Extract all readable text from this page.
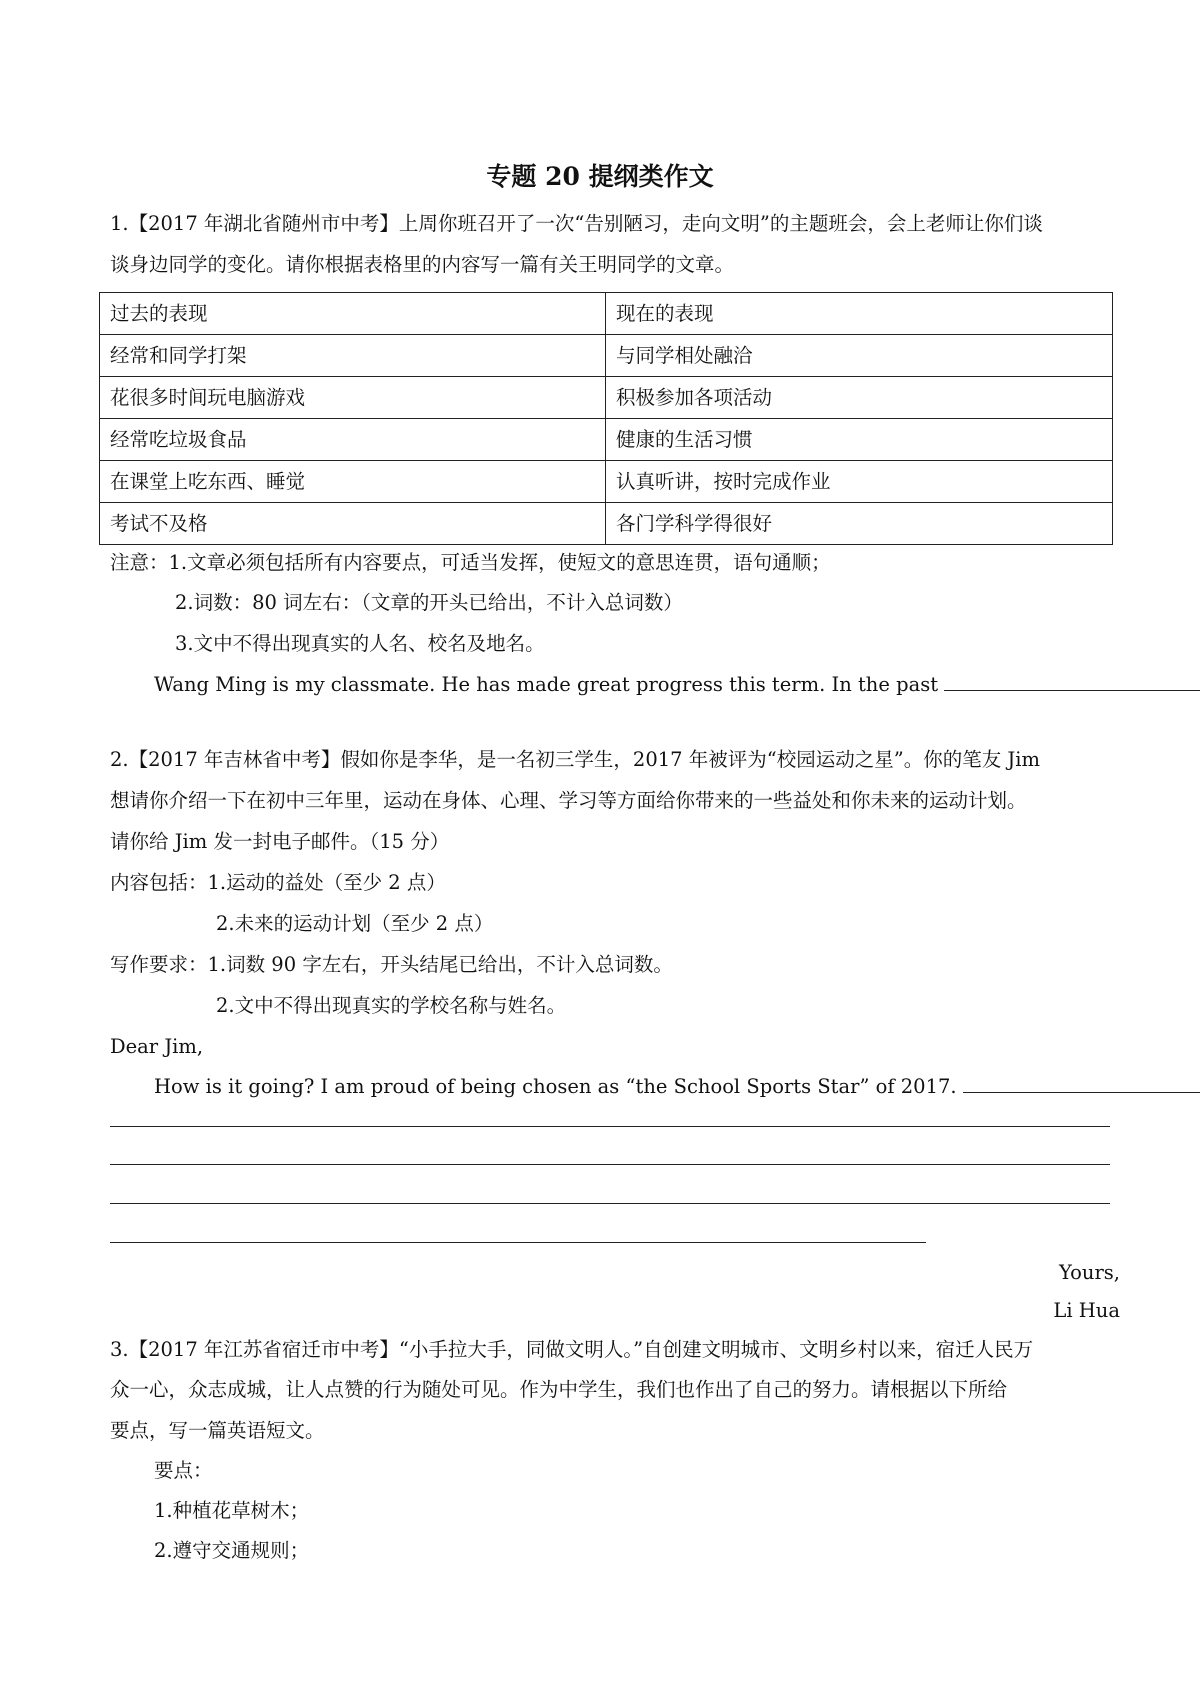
专题 20 提纲类作文
1.【2017 年湖北省随州市中考】上周你班召开了一次“告别陋习，走向文明”的主题班会，会上老师让你们谈
谈身边同学的变化。请你根据表格里的内容写一篇有关王明同学的文章。
过去的表现	现在的表现
经常和同学打架	与同学相处融洽
花很多时间玩电脑游戏	积极参加各项活动
经常吃垃圾食品	健康的生活习惯
在课堂上吃东西、睡觉	认真听讲，按时完成作业
考试不及格	各门学科学得很好
注意：1.文章必须包括所有内容要点，可适当发挥，使短文的意思连贯，语句通顺；
2.词数：80 词左右：（文章的开头已给出，不计入总词数）
3.文中不得出现真实的人名、校名及地名。
Wang Ming is my classmate. He has made great progress this term. In the past
2.【2017 年吉林省中考】假如你是李华，是一名初三学生，2017 年被评为“校园运动之星”。你的笔友 Jim
想请你介绍一下在初中三年里，运动在身体、心理、学习等方面给你带来的一些益处和你未来的运动计划。
请你给 Jim 发一封电子邮件。（15 分）
内容包括：1.运动的益处（至少 2 点）
2.未来的运动计划（至少 2 点）
写作要求：1.词数 90 字左右，开头结尾已给出，不计入总词数。
2.文中不得出现真实的学校名称与姓名。
Dear Jim,
How is it going? I am proud of being chosen as “the School Sports Star” of 2017.
Yours,
Li Hua
3.【2017 年江苏省宿迁市中考】“小手拉大手，同做文明人。”自创建文明城市、文明乡村以来，宿迁人民万
众一心，众志成城，让人点赞的行为随处可见。作为中学生，我们也作出了自己的努力。请根据以下所给
要点，写一篇英语短文。
要点：
1.种植花草树木；
2.遵守交通规则；
